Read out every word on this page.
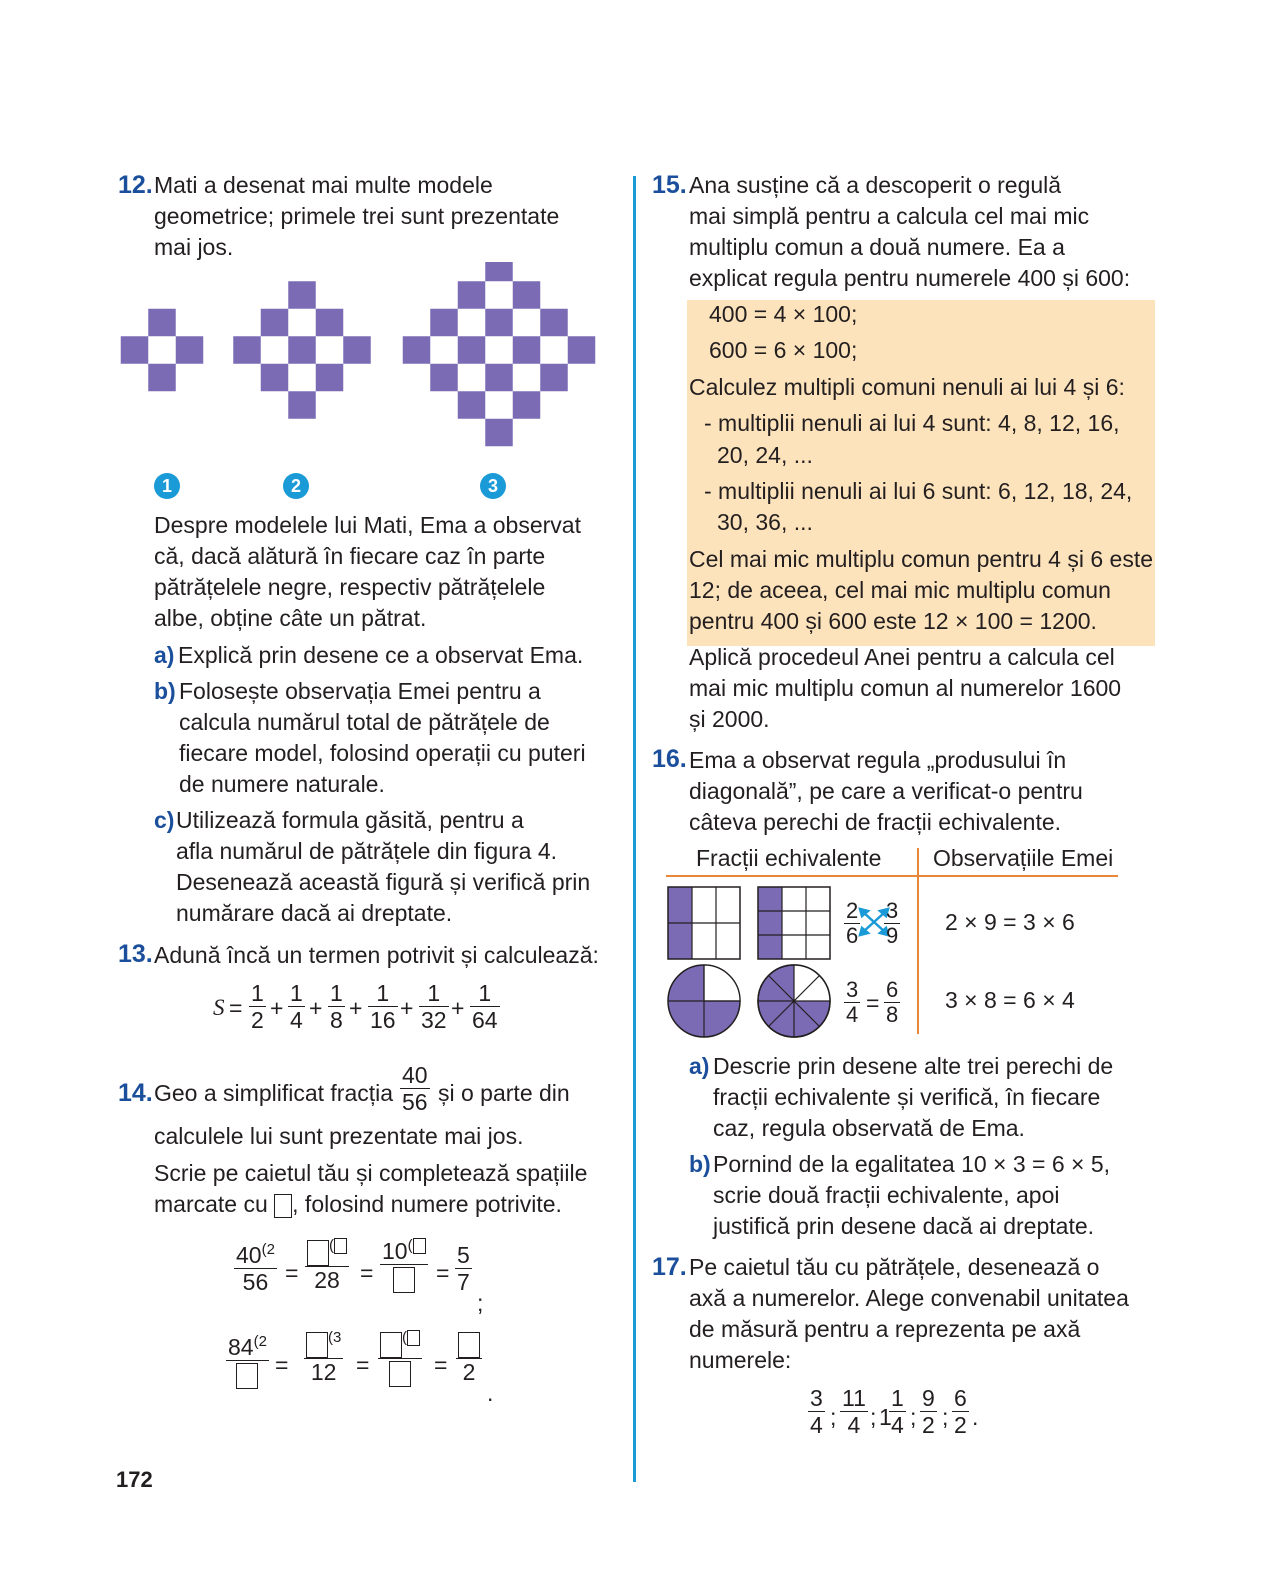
12. Mati a desenat mai multe modele
geometrice; primele trei sunt prezentate
mai jos.
1	2	3
Despre modelele lui Mati, Ema a observat
că, dacă alătură în fiecare caz în parte
pătrățelele negre, respectiv pătrățelele
albe, obține câte un pătrat.
a) Explică prin desene ce a observat Ema.
b) Folosește observația Emei pentru a
calcula numărul total de pătrățele de
fiecare model, folosind operații cu puteri
de numere naturale.
c) Utilizează formula găsită, pentru a
afla numărul de pătrățele din figura 4.
Desenează această figură și verifică prin
numărare dacă ai dreptate.
13. Adună încă un termen potrivit și calculează:
S =
1
2 +
1
4 +
1
8 +
1
16 +
1
32 +
1
64
14. Geo a simplificat fracția
40
56 și o parte din
calculele lui sunt prezentate mai jos.
Scrie pe caietul tău și completează spațiile
marcate cu , folosind numere potrivite.
40$^{(2}$
56 =
(
28 =
10(
=
5
7
;
$84^{(2}$
=
$^{(3}$
12 =
(
= 2
.
172
15. Ana susține că a descoperit o regulă
mai simplă pentru a calcula cel mai mic
multiplu comun a două numere. Ea a
explicat regula pentru numerele 400 și 600:
400 = 4 × 100;
600 = 6 × 100;
Calculez multipli comuni nenuli ai lui 4 și 6:
- multiplii nenuli ai lui 4 sunt: 4, 8, 12, 16,
20, 24, ...
- multiplii nenuli ai lui 6 sunt: 6, 12, 18, 24,
30, 36, ...
Cel mai mic multiplu comun pentru 4 și 6 este
12; de aceea, cel mai mic multiplu comun
pentru 400 și 600 este 12 × 100 = 1200.
Aplică procedeul Anei pentru a calcula cel
mai mic multiplu comun al numerelor 1600
și 2000.
16. Ema a observat regula „produsului în
diagonală”, pe care a verificat-o pentru
câteva perechi de fracții echivalente.
Fracții echivalente Observațiile Emei
2
6
3
9
2 × 9 = 3 × 6
3
4 =
6
8
3 × 8 = 6 × 4
a) Descrie prin desene alte trei perechi de
fracții echivalente și verifică, în fiecare
caz, regula observată de Ema.
b) Pornind de la egalitatea 10 × 3 = 6 × 5,
scrie două fracții echivalente, apoi
justifică prin desene dacă ai dreptate.
17. Pe caietul tău cu pătrățele, desenează o
axă a numerelor. Alege convenabil unitatea
de măsură pentru a reprezenta pe axă
numerele:
3
4 ;
11
4 ; 1
1
4 ;
9
2 ;
6
2 .
